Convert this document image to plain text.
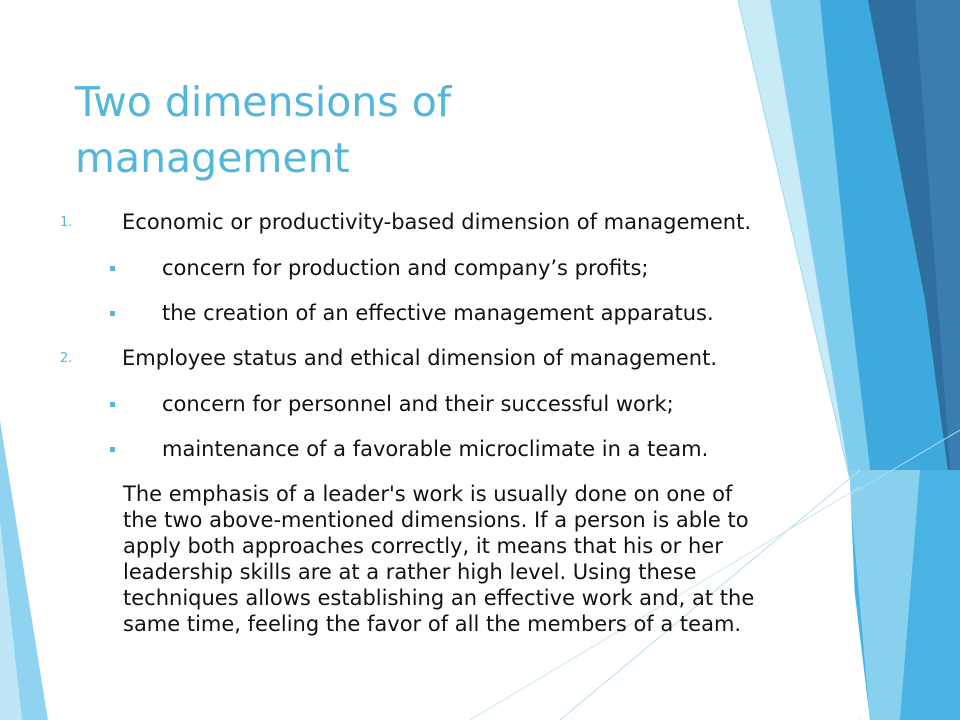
Two dimensions of
management
1. Economic or productivity-based dimension of management.
concern for production and company’s profits;
the creation of an effective management apparatus.
2. Employee status and ethical dimension of management.
concern for personnel and their successful work;
maintenance of a favorable microclimate in a team.

The emphasis of a leader's work is usually done on one of
the two above-mentioned dimensions. If a person is able to
apply both approaches correctly, it means that his or her
leadership skills are at a rather high level. Using these
techniques allows establishing an effective work and, at the
same time, feeling the favor of all the members of a team.
